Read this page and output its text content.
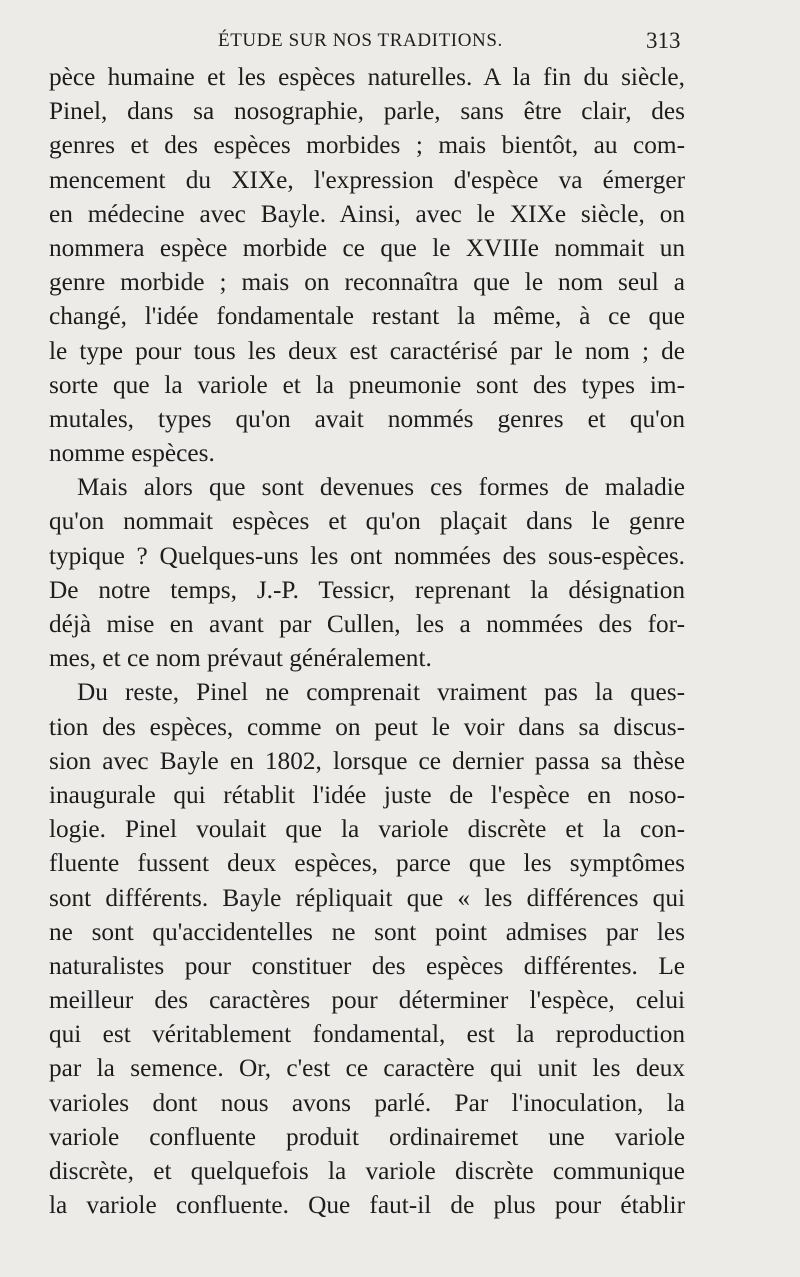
ÉTUDE SUR NOS TRADITIONS.	313
pèce humaine et les espèces naturelles. A la fin du siècle,
Pinel, dans sa nosographie, parle, sans être clair, des
genres et des espèces morbides ; mais bientôt, au com-
mencement du XIXe, l'expression d'espèce va émerger
en médecine avec Bayle. Ainsi, avec le XIXe siècle, on
nommera espèce morbide ce que le XVIIIe nommait un
genre morbide ; mais on reconnaîtra que le nom seul a
changé, l'idée fondamentale restant la même, à ce que
le type pour tous les deux est caractérisé par le nom ; de
sorte que la variole et la pneumonie sont des types im-
mutales, types qu'on avait nommés genres et qu'on
nomme espèces.
Mais alors que sont devenues ces formes de maladie
qu'on nommait espèces et qu'on plaçait dans le genre
typique ? Quelques-uns les ont nommées des sous-espèces.
De notre temps, J.-P. Tessicr, reprenant la désignation
déjà mise en avant par Cullen, les a nommées des for-
mes, et ce nom prévaut généralement.
Du reste, Pinel ne comprenait vraiment pas la ques-
tion des espèces, comme on peut le voir dans sa discus-
sion avec Bayle en 1802, lorsque ce dernier passa sa thèse
inaugurale qui rétablit l'idée juste de l'espèce en noso-
logie. Pinel voulait que la variole discrète et la con-
fluente fussent deux espèces, parce que les symptômes
sont différents. Bayle répliquait que « les différences qui
ne sont qu'accidentelles ne sont point admises par les
naturalistes pour constituer des espèces différentes. Le
meilleur des caractères pour déterminer l'espèce, celui
qui est véritablement fondamental, est la reproduction
par la semence. Or, c'est ce caractère qui unit les deux
varioles dont nous avons parlé. Par l'inoculation, la
variole confluente produit ordinairemet une variole
discrète, et quelquefois la variole discrète communique
la variole confluente. Que faut-il de plus pour établir
